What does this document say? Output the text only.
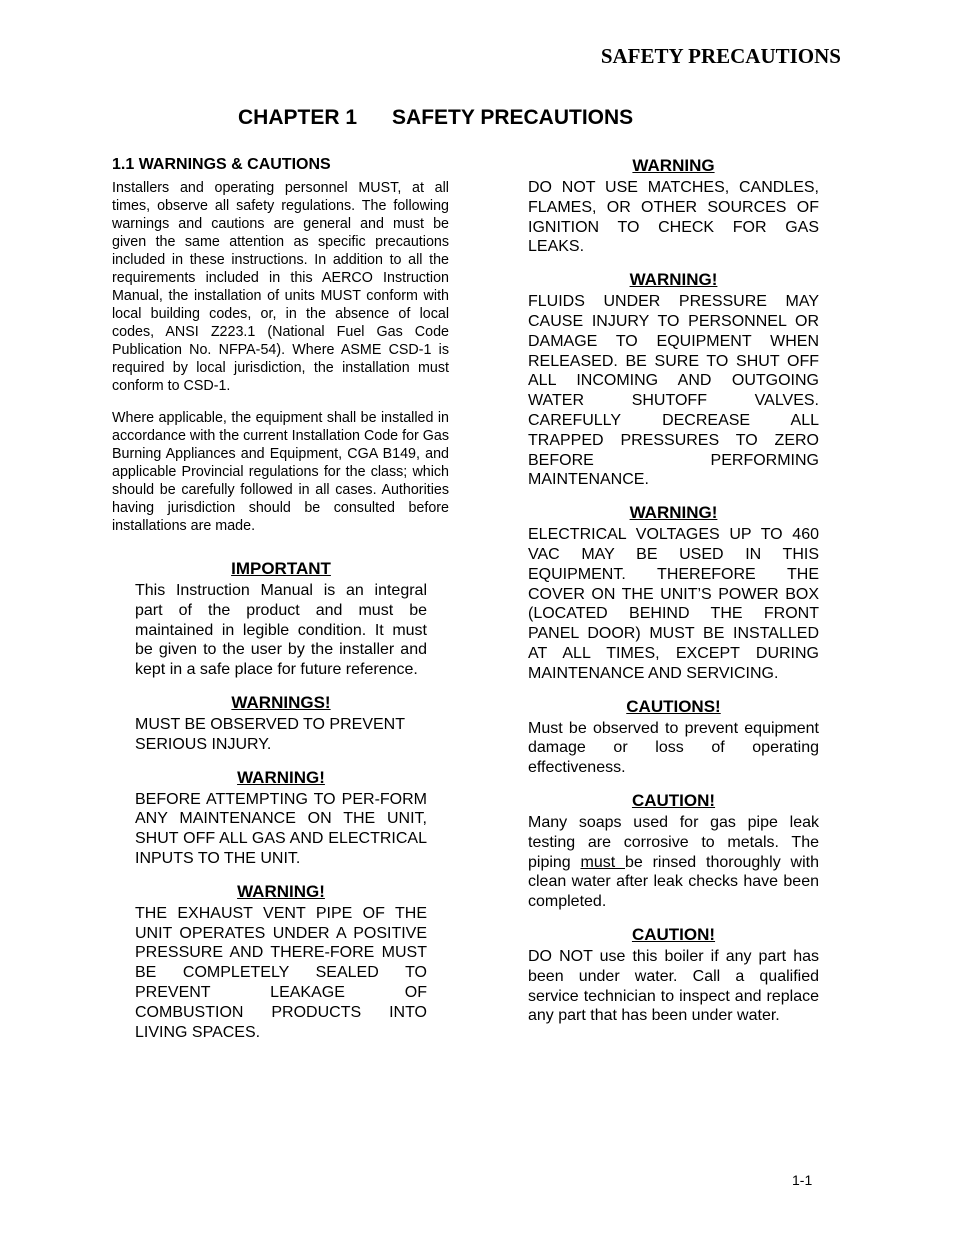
SAFETY PRECAUTIONS
CHAPTER 1      SAFETY PRECAUTIONS
1.1 WARNINGS & CAUTIONS

Installers and operating personnel MUST, at all times, observe all safety regulations. The following warnings and cautions are general and must be given the same attention as specific precautions included in these instructions. In addition to all the requirements included in this AERCO Instruction Manual, the installation of units MUST conform with local building codes, or, in the absence of local codes, ANSI Z223.1 (National Fuel Gas Code Publication No. NFPA-54). Where ASME CSD-1 is required by local jurisdiction, the installation must conform to CSD-1.

Where applicable, the equipment shall be installed in accordance with the current Installation Code for Gas Burning Appliances and Equipment, CGA B149, and applicable Provincial regulations for the class; which should be carefully followed in all cases. Authorities having jurisdiction should be consulted before installations are made.

IMPORTANT
This Instruction Manual is an integral part of the product and must be maintained in legible condition. It must be given to the user by the installer and kept in a safe place for future reference.
WARNINGS!
MUST BE OBSERVED TO PREVENT SERIOUS INJURY.
WARNING!
BEFORE ATTEMPTING TO PER-FORM ANY MAINTENANCE ON THE UNIT, SHUT OFF ALL GAS AND ELECTRICAL INPUTS TO THE UNIT.
WARNING!
THE EXHAUST VENT PIPE OF THE UNIT OPERATES UNDER A POSITIVE PRESSURE AND THERE-FORE MUST BE COMPLETELY SEALED TO PREVENT LEAKAGE OF COMBUSTION PRODUCTS INTO LIVING SPACES.
WARNING
DO NOT USE MATCHES, CANDLES, FLAMES, OR OTHER SOURCES OF IGNITION TO CHECK FOR GAS LEAKS.
WARNING!
FLUIDS UNDER PRESSURE MAY CAUSE INJURY TO PERSONNEL OR DAMAGE TO EQUIPMENT WHEN RELEASED. BE SURE TO SHUT OFF ALL INCOMING AND OUTGOING WATER SHUTOFF VALVES. CAREFULLY DECREASE ALL TRAPPED PRESSURES TO ZERO BEFORE PERFORMING MAINTENANCE.
WARNING!
ELECTRICAL VOLTAGES UP TO 460 VAC MAY BE USED IN THIS EQUIPMENT. THEREFORE THE COVER ON THE UNIT’S POWER BOX (LOCATED BEHIND THE FRONT PANEL DOOR) MUST BE INSTALLED AT ALL TIMES, EXCEPT DURING MAINTENANCE AND SERVICING.
CAUTIONS!
Must be observed to prevent equipment damage or loss of operating effectiveness.
CAUTION!
Many soaps used for gas pipe leak testing are corrosive to metals. The piping must be rinsed thoroughly with clean water after leak checks have been completed.
CAUTION!
DO NOT use this boiler if any part has been under water. Call a qualified service technician to inspect and replace any part that has been under water.
1-1
